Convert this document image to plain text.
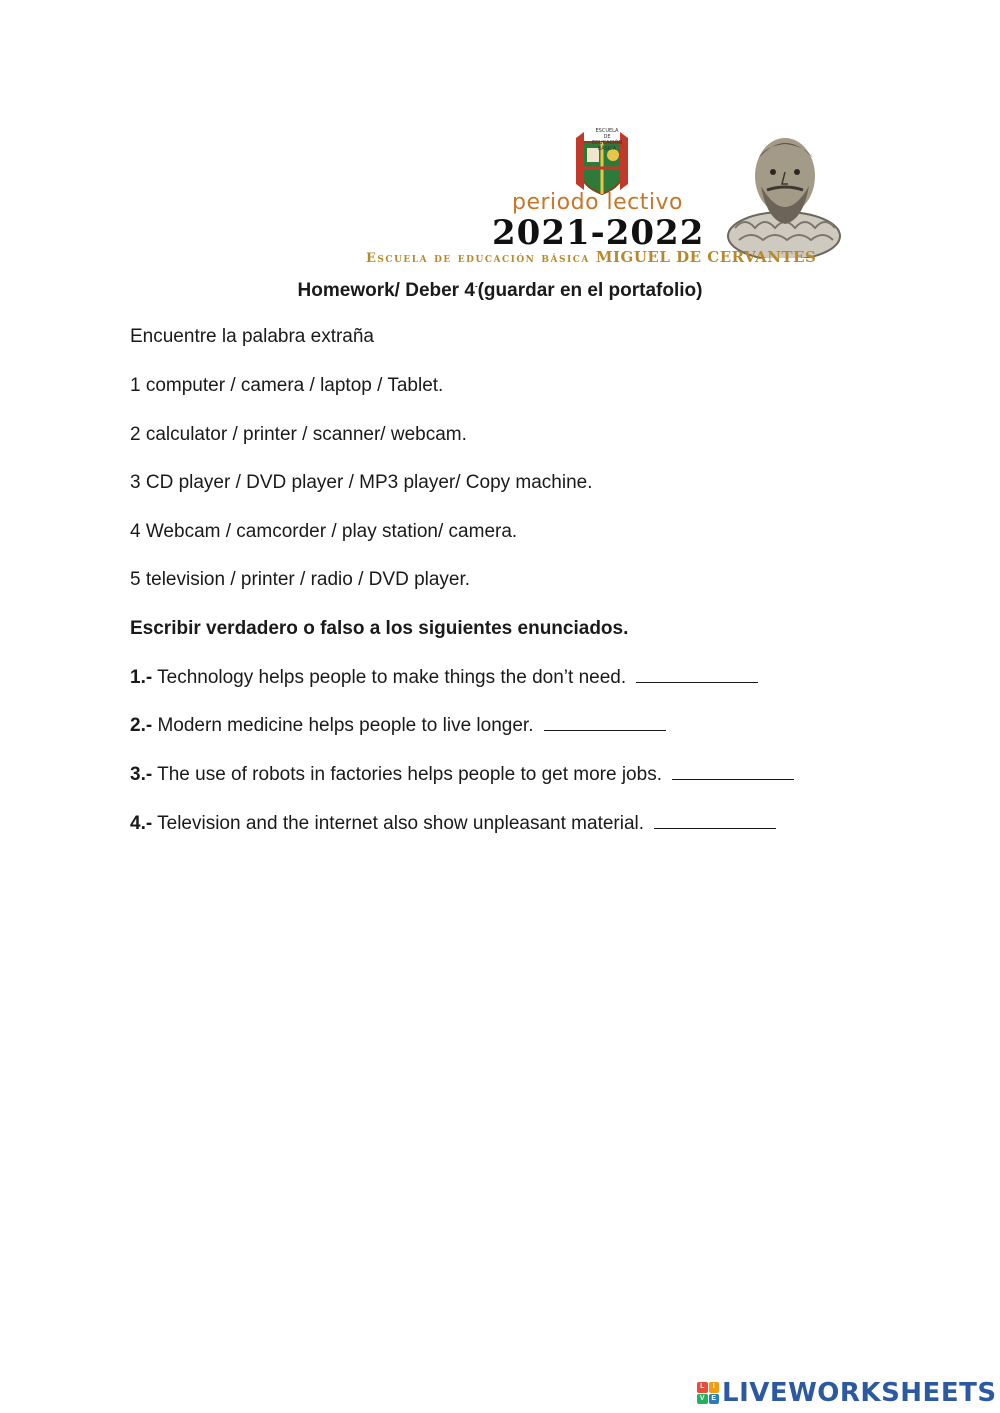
ESCUELA DE EDUCACIÓN BÁSICA
periodo lectivo
2021-2022
Escuela de educación básica MIGUEL DE CERVANTES
Homework/ Deber 4-(guardar en el portafolio)
Encuentre la palabra extraña
1 computer / camera / laptop / Tablet.
2 calculator / printer / scanner/ webcam.
3 CD player / DVD player / MP3 player/ Copy machine.
4 Webcam / camcorder / play station/ camera.
5 television / printer / radio / DVD player.
Escribir verdadero o falso a los siguientes enunciados.
1.- Technology helps people to make things the don’t need.
2.- Modern medicine helps people to live longer.
3.- The use of robots in factories helps people to get more jobs.
4.- Television and the internet also show unpleasant material.
L	I
V E LIVEWORKSHEETS
